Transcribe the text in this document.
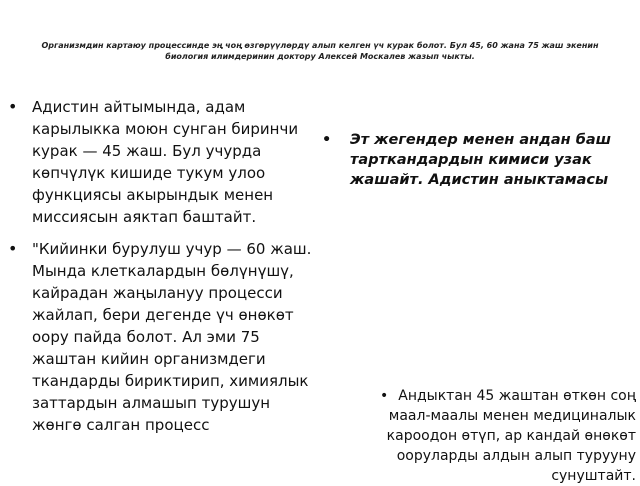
Организмдин картаюу процессинде эң чоң өзгөрүүлөрдү алып келген үч курак болот. Бул 45, 60 жана 75 жаш экенин биология илимдеринин доктору Алексей Москалев жазып чыкты.
• Адистин айтымында, адам карылыкка моюн сунган биринчи курак — 45 жаш. Бул учурда көпчүлүк кишиде тукум улоо функциясы акырындык менен миссиясын аяктап баштайт.
• "Кийинки бурулуш учур — 60 жаш. Мында клеткалардын бөлүнүшү, кайрадан жаңылануу процесси жайлап, бери дегенде үч өнөкөт оору пайда болот. Ал эми 75 жаштан кийин организмдеги ткандарды бириктирип, химиялык заттардын алмашып турушун жөнгө салган процесс
•	Эт жегендер менен андан баш тарткандардын кимиси узак жашайт. Адистин аныктамасы
• Андыктан 45 жаштан өткөн соң маал-маалы менен медициналык кароодон өтүп, ар кандай өнөкөт ооруларды алдын алып турууну сунуштайт.
